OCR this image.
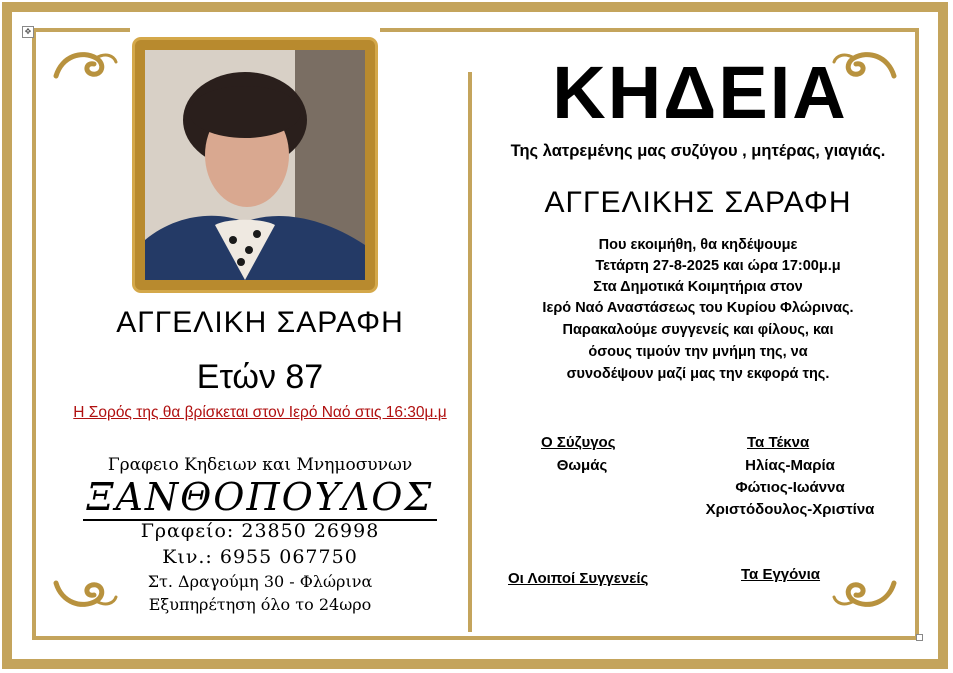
✥
ΑΓΓΕΛΙΚΗ ΣΑΡΑΦΗ
Ετών 87
Η Σορός της θα βρίσκεται στον Ιερό Ναό στις 16:30μ.μ
Γραφειο Κηδειων και Μνημοσυνων
ΞΑΝΘΟΠΟΥΛΟΣ
Γραφείο: 23850 26998
Κιν.: 6955 067750
Στ. Δραγούμη 30 - Φλώρινα
Εξυπηρέτηση όλο το 24ωρο
ΚΗΔΕΙΑ
Της λατρεμένης μας συζύγου , μητέρας, γιαγιάς.
ΑΓΓΕΛΙΚΗΣ ΣΑΡΑΦΗ
Που εκοιμήθη, θα κηδέψουμε
Τετάρτη 27-8-2025 και ώρα 17:00μ.μ
Στα Δημοτικά Κοιμητήρια στον
Ιερό Ναό Αναστάσεως του Κυρίου Φλώρινας.
Παρακαλούμε συγγενείς και φίλους, και
όσους τιμούν την μνήμη της, να
συνοδέψουν μαζί μας την εκφορά της.
Ο Σύζυγος
Θωμάς
Τα Τέκνα
Ηλίας-Μαρία
Φώτιος-Ιωάννα
Χριστόδουλος-Χριστίνα
Οι Λοιποί Συγγενείς	Τα Εγγόνια
